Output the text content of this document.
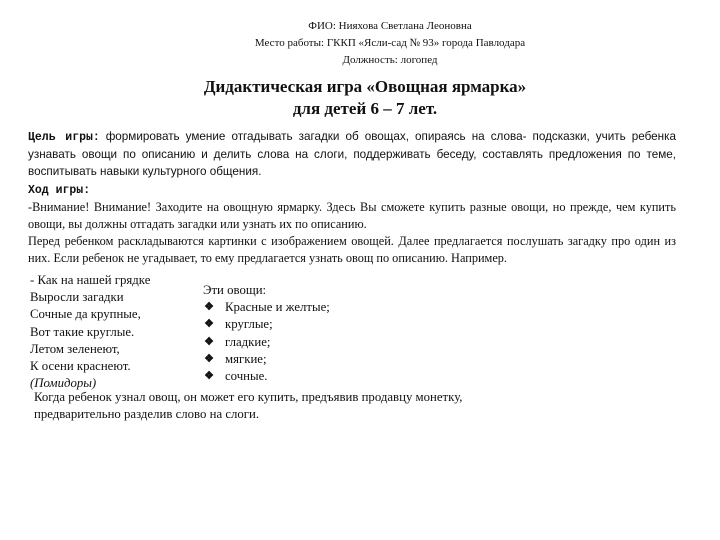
ФИО: Нияхова Светлана Леоновна
Место работы: ГККП «Ясли-сад № 93» города Павлодара
Должность: логопед
Дидактическая игра «Овощная ярмарка»
для детей 6 – 7 лет.

Цель игры: формировать умение отгадывать загадки об овощах, опираясь на слова- подсказки, учить ребенка узнавать овощи по описанию и делить слова на слоги, поддерживать беседу, составлять предложения по теме, воспитывать навыки культурного общения.

Ход игры:

-Внимание! Внимание! Заходите на овощную ярмарку. Здесь Вы сможете купить разные овощи, но прежде, чем купить овощи, вы должны отгадать загадки или узнать их по описанию.

Перед ребенком раскладываются картинки с изображением овощей. Далее предлагается послушать загадку про один из них. Если ребенок не угадывает, то ему предлагается узнать овощ по описанию. Например.

- Как на нашей грядке
Выросли загадки
Сочные да крупные,
Вот такие круглые.
Летом зеленеют,
К осени краснеют.
(Помидоры)
Эти овощи:
❖ Красные и желтые;
❖ круглые;
❖ гладкие;
❖ мягкие;
❖ сочные.
Когда ребенок узнал овощ, он может его купить, предъявив продавцу монетку,
предварительно разделив слово на слоги.
